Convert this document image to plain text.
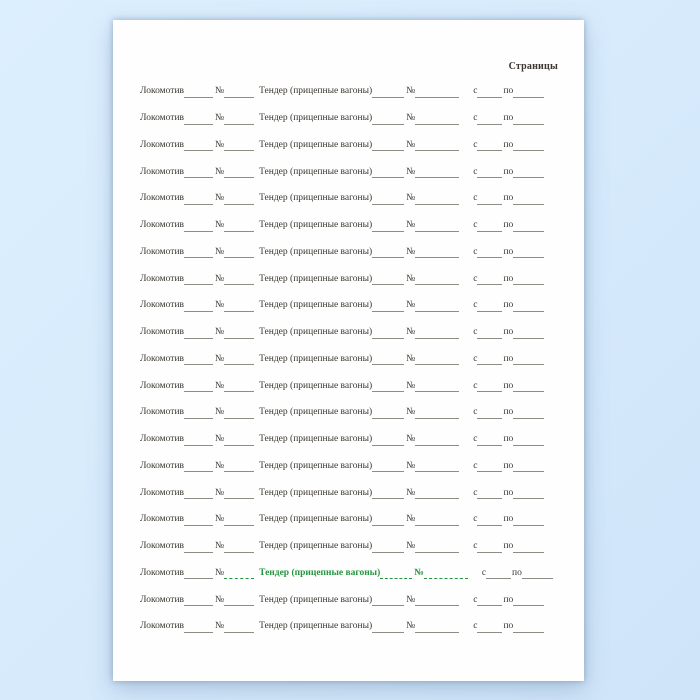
Страницы
Локомотив	№	Тендер (прицепные вагоны)	№	с	по
Локомотив	№	Тендер (прицепные вагоны)	№	с	по
Локомотив	№	Тендер (прицепные вагоны)	№	с	по
Локомотив	№	Тендер (прицепные вагоны)	№	с	по
Локомотив	№	Тендер (прицепные вагоны)	№	с	по
Локомотив	№	Тендер (прицепные вагоны)	№	с	по
Локомотив	№	Тендер (прицепные вагоны)	№	с	по
Локомотив	№	Тендер (прицепные вагоны)	№	с	по
Локомотив	№	Тендер (прицепные вагоны)	№	с	по
Локомотив	№	Тендер (прицепные вагоны)	№	с	по
Локомотив	№	Тендер (прицепные вагоны)	№	с	по
Локомотив	№	Тендер (прицепные вагоны)	№	с	по
Локомотив	№	Тендер (прицепные вагоны)	№	с	по
Локомотив	№	Тендер (прицепные вагоны)	№	с	по
Локомотив	№	Тендер (прицепные вагоны)	№	с	по
Локомотив	№	Тендер (прицепные вагоны)	№	с	по
Локомотив	№	Тендер (прицепные вагоны)	№	с	по
Локомотив	№	Тендер (прицепные вагоны)	№	с	по
Локомотив	№	Тендер (прицепные вагоны)	№	с	по
Локомотив	№	Тендер (прицепные вагоны)	№	с	по
Локомотив	№	Тендер (прицепные вагоны)	№	с	по
